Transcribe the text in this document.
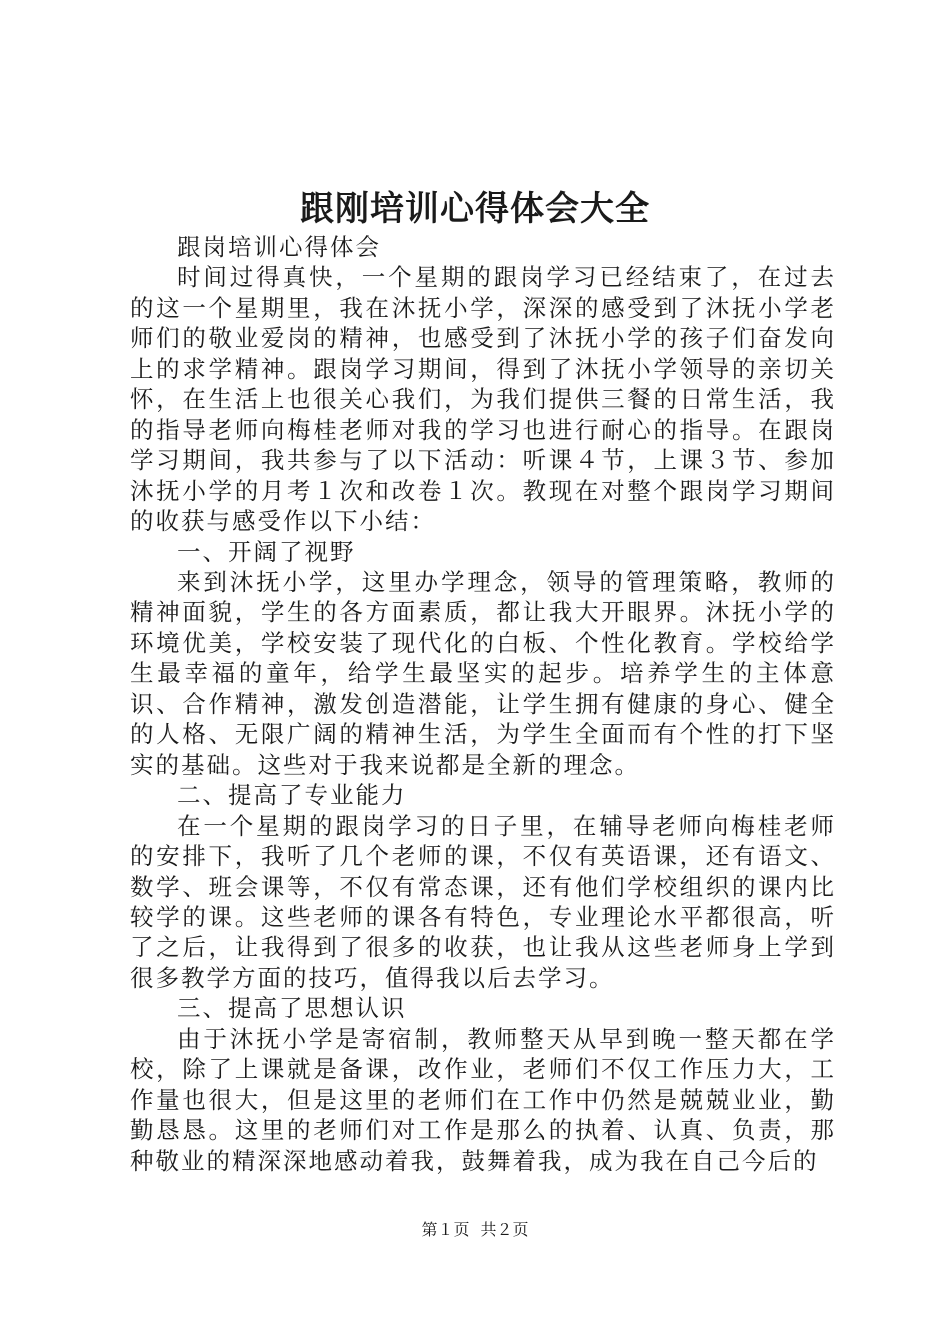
跟刚培训心得体会大全

跟岗培训心得体会

时间过得真快，一个星期的跟岗学习已经结束了，在过去的这一个星期里，我在沐抚小学，深深的感受到了沐抚小学老师们的敬业爱岗的精神，也感受到了沐抚小学的孩子们奋发向上的求学精神。跟岗学习期间，得到了沐抚小学领导的亲切关怀，在生活上也很关心我们，为我们提供三餐的日常生活，我的指导老师向梅桂老师对我的学习也进行耐心的指导。在跟岗学习期间，我共参与了以下活动：听课４节，上课３节、参加沐抚小学的月考１次和改卷１次。教现在对整个跟岗学习期间的收获与感受作以下小结：

一、开阔了视野

来到沐抚小学，这里办学理念，领导的管理策略，教师的精神面貌，学生的各方面素质，都让我大开眼界。沐抚小学的环境优美，学校安装了现代化的白板、个性化教育。学校给学生最幸福的童年，给学生最坚实的起步。培养学生的主体意识、合作精神，激发创造潜能，让学生拥有健康的身心、健全的人格、无限广阔的精神生活，为学生全面而有个性的打下坚实的基础。这些对于我来说都是全新的理念。

二、提高了专业能力

在一个星期的跟岗学习的日子里，在辅导老师向梅桂老师的安排下，我听了几个老师的课，不仅有英语课，还有语文、数学、班会课等，不仅有常态课，还有他们学校组织的课内比较学的课。这些老师的课各有特色，专业理论水平都很高，听了之后，让我得到了很多的收获，也让我从这些老师身上学到很多教学方面的技巧，值得我以后去学习。

三、提高了思想认识

由于沐抚小学是寄宿制，教师整天从早到晚一整天都在学校，除了上课就是备课，改作业，老师们不仅工作压力大，工作量也很大，但是这里的老师们在工作中仍然是兢兢业业，勤勤恳恳。这里的老师们对工作是那么的执着、认真、负责，那种敬业的精深深地感动着我，鼓舞着我，成为我在自己今后的

第１页 共２页
